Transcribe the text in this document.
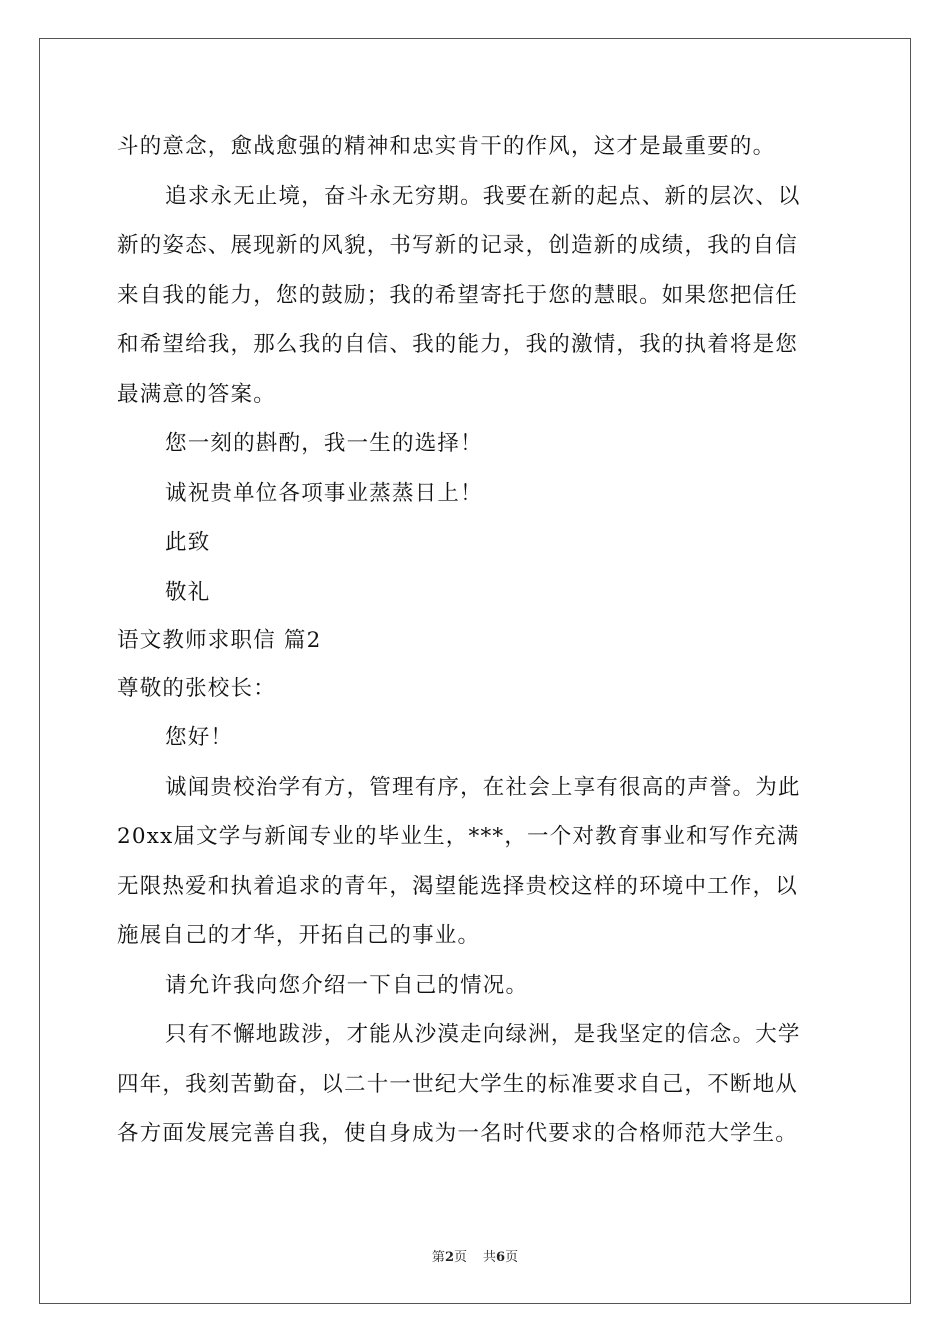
斗的意念，愈战愈强的精神和忠实肯干的作风，这才是最重要的。
追求永无止境，奋斗永无穷期。我要在新的起点、新的层次、以
新的姿态、展现新的风貌，书写新的记录，创造新的成绩，我的自信
来自我的能力，您的鼓励；我的希望寄托于您的慧眼。如果您把信任
和希望给我，那么我的自信、我的能力，我的激情，我的执着将是您
最满意的答案。
您一刻的斟酌，我一生的选择！
诚祝贵单位各项事业蒸蒸日上！
此致
敬礼
语文教师求职信 篇2
尊敬的张校长：
您好！
诚闻贵校治学有方，管理有序，在社会上享有很高的声誉。为此
20xx届文学与新闻专业的毕业生，***，一个对教育事业和写作充满
无限热爱和执着追求的青年，渴望能选择贵校这样的环境中工作，以
施展自己的才华，开拓自己的事业。
请允许我向您介绍一下自己的情况。
只有不懈地跋涉，才能从沙漠走向绿洲，是我坚定的信念。大学
四年，我刻苦勤奋，以二十一世纪大学生的标准要求自己，不断地从
各方面发展完善自我，使自身成为一名时代要求的合格师范大学生。
第2页 共6页
